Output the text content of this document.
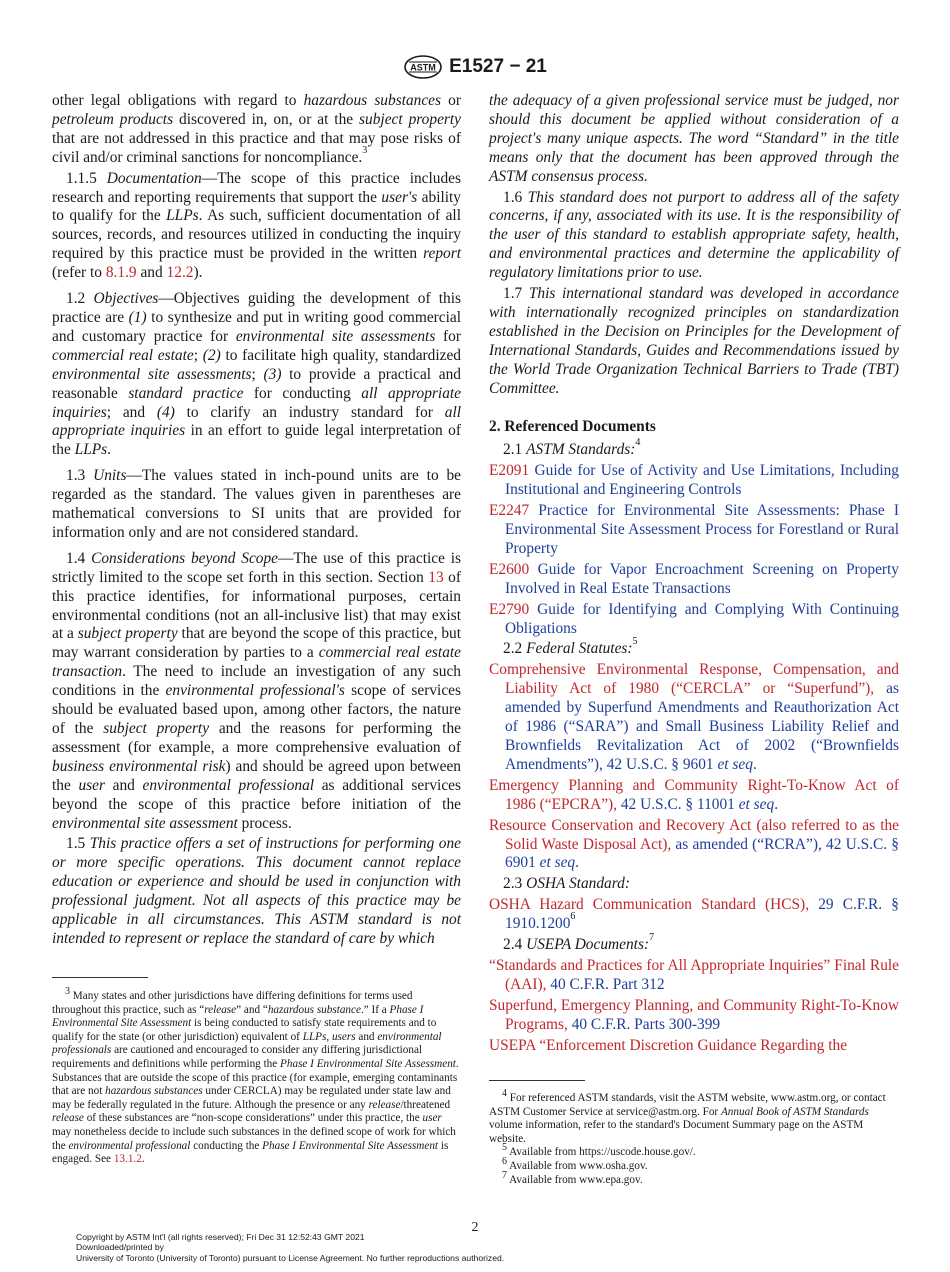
ASTM E1527 − 21

other legal obligations with regard to hazardous substances or petroleum products discovered in, on, or at the subject property that are not addressed in this practice and that may pose risks of civil and/or criminal sanctions for noncompliance.$^3$

1.1.5 Documentation—The scope of this practice includes research and reporting requirements that support the user's ability to qualify for the LLPs. As such, sufficient documentation of all sources, records, and resources utilized in conducting the inquiry required by this practice must be provided in the written report (refer to 8.1.9 and 12.2).

1.2 Objectives—Objectives guiding the development of this practice are (1) to synthesize and put in writing good commercial and customary practice for environmental site assessments for commercial real estate; (2) to facilitate high quality, standardized environmental site assessments; (3) to provide a practical and reasonable standard practice for conducting all appropriate inquiries; and (4) to clarify an industry standard for all appropriate inquiries in an effort to guide legal interpretation of the LLPs.

1.3 Units—The values stated in inch-pound units are to be regarded as the standard. The values given in parentheses are mathematical conversions to SI units that are provided for information only and are not considered standard.

1.4 Considerations beyond Scope—The use of this practice is strictly limited to the scope set forth in this section. Section 13 of this practice identifies, for informational purposes, certain environmental conditions (not an all-inclusive list) that may exist at a subject property that are beyond the scope of this practice, but may warrant consideration by parties to a commercial real estate transaction. The need to include an investigation of any such conditions in the environmental professional's scope of services should be evaluated based upon, among other factors, the nature of the subject property and the reasons for performing the assessment (for example, a more comprehensive evaluation of business environmental risk) and should be agreed upon between the user and environmental professional as additional services beyond the scope of this practice before initiation of the environmental site assessment process.

1.5 This practice offers a set of instructions for performing one or more specific operations. This document cannot replace education or experience and should be used in conjunction with professional judgment. Not all aspects of this practice may be applicable in all circumstances. This ASTM standard is not intended to represent or replace the standard of care by which

3 Many states and other jurisdictions have differing definitions for terms used throughout this practice, such as “release” and “hazardous substance.” If a Phase I Environmental Site Assessment is being conducted to satisfy state requirements and to qualify for the state (or other jurisdiction) equivalent of LLPs, users and environmental professionals are cautioned and encouraged to consider any differing jurisdictional requirements and definitions while performing the Phase I Environmental Site Assessment. Substances that are outside the scope of this practice (for example, emerging contaminants that are not hazardous substances under CERCLA) may be regulated under state law and may be federally regulated in the future. Although the presence or any release/threatened release of these substances are “non-scope considerations” under this practice, the user may nonetheless decide to include such substances in the defined scope of work for which the environmental professional conducting the Phase I Environmental Site Assessment is engaged. See 13.1.2.

the adequacy of a given professional service must be judged, nor should this document be applied without consideration of a project's many unique aspects. The word “Standard” in the title means only that the document has been approved through the ASTM consensus process.

1.6 This standard does not purport to address all of the safety concerns, if any, associated with its use. It is the responsibility of the user of this standard to establish appropriate safety, health, and environmental practices and determine the applicability of regulatory limitations prior to use.

1.7 This international standard was developed in accordance with internationally recognized principles on standardization established in the Decision on Principles for the Development of International Standards, Guides and Recommendations issued by the World Trade Organization Technical Barriers to Trade (TBT) Committee.

2. Referenced Documents

2.1 ASTM Standards:$^4$

E2091 Guide for Use of Activity and Use Limitations, Including Institutional and Engineering Controls

E2247 Practice for Environmental Site Assessments: Phase I Environmental Site Assessment Process for Forestland or Rural Property

E2600 Guide for Vapor Encroachment Screening on Property Involved in Real Estate Transactions

E2790 Guide for Identifying and Complying With Continuing Obligations

2.2 Federal Statutes:$^5$

Comprehensive Environmental Response, Compensation, and Liability Act of 1980 (“CERCLA” or “Superfund”), as amended by Superfund Amendments and Reauthorization Act of 1986 (“SARA”) and Small Business Liability Relief and Brownfields Revitalization Act of 2002 (“Brownfields Amendments”), 42 U.S.C. § 9601 et seq.

Emergency Planning and Community Right-To-Know Act of 1986 (“EPCRA”), 42 U.S.C. § 11001 et seq.

Resource Conservation and Recovery Act (also referred to as the Solid Waste Disposal Act), as amended (“RCRA”), 42 U.S.C. § 6901 et seq.

2.3 OSHA Standard:

OSHA Hazard Communication Standard (HCS), 29 C.F.R. § 1910.1200$^6$

2.4 USEPA Documents:$^7$

“Standards and Practices for All Appropriate Inquiries” Final Rule (AAI), 40 C.F.R. Part 312

Superfund, Emergency Planning, and Community Right-To-Know Programs, 40 C.F.R. Parts 300-399

USEPA “Enforcement Discretion Guidance Regarding the

4 For referenced ASTM standards, visit the ASTM website, www.astm.org, or contact ASTM Customer Service at service@astm.org. For Annual Book of ASTM Standards volume information, refer to the standard's Document Summary page on the ASTM website.

5 Available from https://uscode.house.gov/.

6 Available from www.osha.gov.

7 Available from www.epa.gov.

2
Copyright by ASTM Int'l (all rights reserved); Fri Dec 31 12:52:43 GMT 2021
Downloaded/printed by
University of Toronto (University of Toronto) pursuant to License Agreement. No further reproductions authorized.
